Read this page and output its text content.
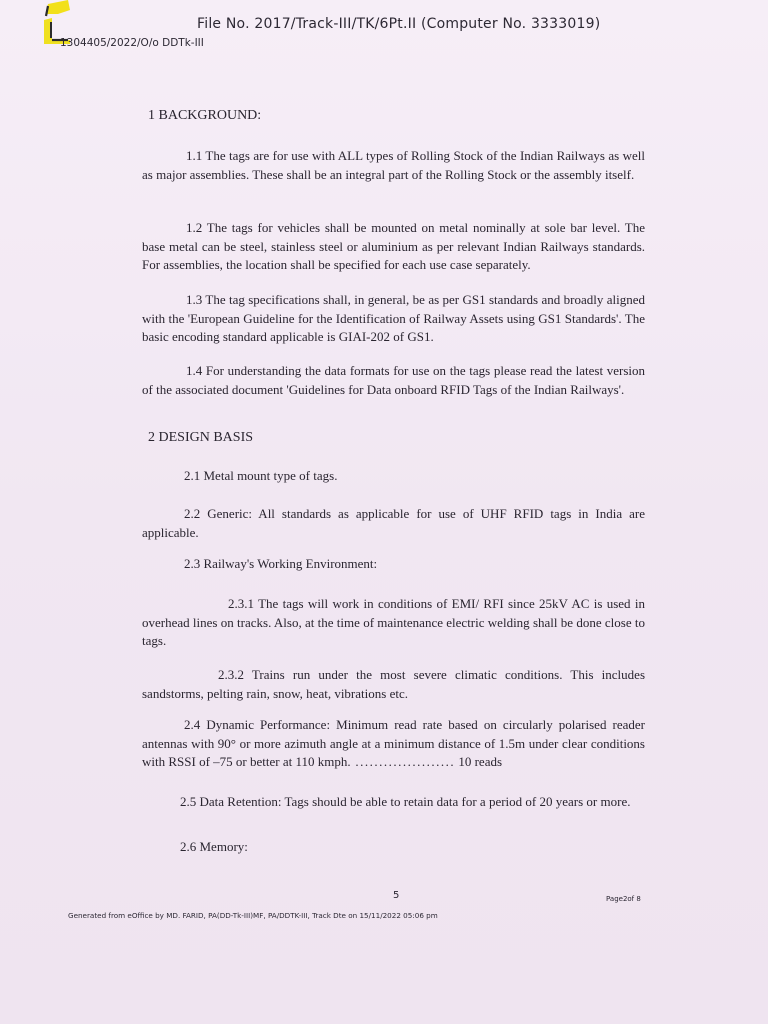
File No. 2017/Track-III/TK/6Pt.II (Computer No. 3333019)
1304405/2022/O/o DDTk-III
1 BACKGROUND:
1.1 The tags are for use with ALL types of Rolling Stock of the Indian Railways as well as major assemblies. These shall be an integral part of the Rolling Stock or the assembly itself.
1.2 The tags for vehicles shall be mounted on metal nominally at sole bar level. The base metal can be steel, stainless steel or aluminium as per relevant Indian Railways standards. For assemblies, the location shall be specified for each use case separately.
1.3 The tag specifications shall, in general, be as per GS1 standards and broadly aligned with the 'European Guideline for the Identification of Railway Assets using GS1 Standards'. The basic encoding standard applicable is GIAI-202 of GS1.
1.4 For understanding the data formats for use on the tags please read the latest version of the associated document 'Guidelines for Data onboard RFID Tags of the Indian Railways'.
2 DESIGN BASIS
2.1 Metal mount type of tags.
2.2 Generic: All standards as applicable for use of UHF RFID tags in India are applicable.
2.3 Railway's Working Environment:
2.3.1 The tags will work in conditions of EMI/ RFI since 25kV AC is used in overhead lines on tracks. Also, at the time of maintenance electric welding shall be done close to tags.
2.3.2 Trains run under the most severe climatic conditions. This includes sandstorms, pelting rain, snow, heat, vibrations etc.
2.4 Dynamic Performance: Minimum read rate based on circularly polarised reader antennas with 90° or more azimuth angle at a minimum distance of 1.5m under clear conditions with RSSI of –75 or better at 110 kmph. ..................... 10 reads
2.5 Data Retention: Tags should be able to retain data for a period of 20 years or more.
2.6 Memory:
5	Page2of 8
Generated from eOffice by MD. FARID, PA(DD-Tk-III)MF, PA/DDTK-III, Track Dte on 15/11/2022 05:06 pm
